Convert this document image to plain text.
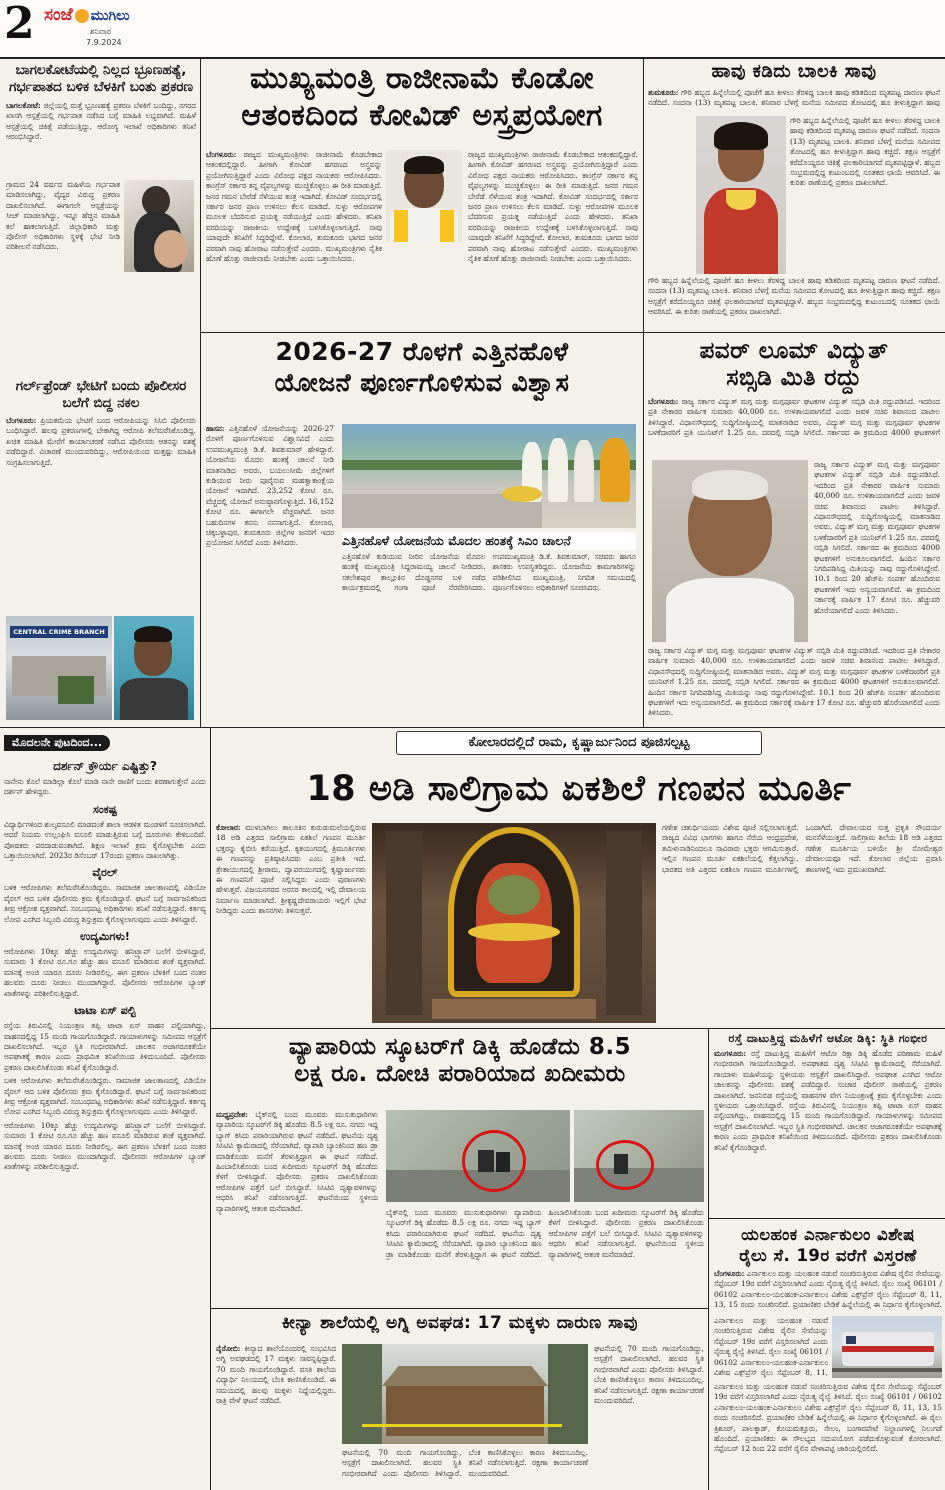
2 ಸಂಜೆ ಮುಗಿಲು
ಶನಿವಾರ
7.9.2024
ಬಾಗಲಕೋಟೆಯಲ್ಲಿ ನಿಲ್ಲದ ಭ್ರೂಣಹತ್ಯೆ, ಗರ್ಭಪಾತದ ಬಳಿಕ ಬೆಳಕಿಗೆ ಬಂತು ಪ್ರಕರಣ
ಬಾಗಲಕೋಟೆ: ಜಿಲ್ಲೆಯಲ್ಲಿ ಮತ್ತೆ ಭ್ರೂಣಹತ್ಯೆ ಪ್ರಕರಣ ಬೆಳಕಿಗೆ ಬಂದಿದ್ದು, ನಗರದ ಖಾಸಗಿ ಆಸ್ಪತ್ರೆಯಲ್ಲಿ ಗರ್ಭಪಾತ ನಡೆಸಿದ ಬಗ್ಗೆ ಮಾಹಿತಿ ಲಭ್ಯವಾಗಿದೆ. ಮಹಿಳೆ ಆಸ್ಪತ್ರೆಯಲ್ಲಿ ಚಿಕಿತ್ಸೆ ಪಡೆಯುತ್ತಿದ್ದು, ಆರೋಗ್ಯ ಇಲಾಖೆ ಅಧಿಕಾರಿಗಳು ತನಿಖೆ ಆರಂಭಿಸಿದ್ದಾರೆ.
ಗ್ರಾಮದ 24 ವರ್ಷದ ಮಹಿಳೆಯ ಗರ್ಭಪಾತ ಮಾಡಿಸಲಾಗಿದ್ದು, ವೈದ್ಯರ ವಿರುದ್ಧ ಪ್ರಕರಣ ದಾಖಲಿಸಲಾಗಿದೆ. ಈಗಾಗಲೇ ಆಸ್ಪತ್ರೆಯನ್ನು ಸೀಜ್ ಮಾಡಲಾಗಿದ್ದು, ಇನ್ನೂ ಹೆಚ್ಚಿನ ಮಾಹಿತಿ ಕಲೆ ಹಾಕಲಾಗುತ್ತಿದೆ. ಜಿಲ್ಲಾಧಿಕಾರಿ ಮತ್ತು ಪೊಲೀಸ್ ಅಧಿಕಾರಿಗಳು ಸ್ಥಳಕ್ಕೆ ಭೇಟಿ ನೀಡಿ ಪರಿಶೀಲನೆ ನಡೆಸಿದರು.
ಗರ್ಲ್‌ಫ್ರೆಂಡ್ ಭೇಟಿಗೆ ಬಂದು ಪೊಲೀಸರ ಬಲೆಗೆ ಬಿದ್ದ ನಕಲ
ಬೆಂಗಳೂರು: ಪ್ರಿಯತಮೆಯ ಭೇಟಿಗೆ ಬಂದ ಆರೋಪಿಯನ್ನು ಸಿಸಿಬಿ ಪೊಲೀಸರು ಬಂಧಿಸಿದ್ದಾರೆ. ಹಲವು ಪ್ರಕರಣಗಳಲ್ಲಿ ಬೇಕಾಗಿದ್ದ ಆರೋಪಿ ತಲೆಮರೆಸಿಕೊಂಡಿದ್ದ. ಖಚಿತ ಮಾಹಿತಿ ಮೇರೆಗೆ ಕಾರ್ಯಾಚರಣೆ ನಡೆಸಿದ ಪೊಲೀಸರು ಆತನನ್ನು ವಶಕ್ಕೆ ಪಡೆದಿದ್ದಾರೆ. ವಿಚಾರಣೆ ಮುಂದುವರಿದಿದ್ದು, ಆರೋಪಿಯಿಂದ ಮತ್ತಷ್ಟು ಮಾಹಿತಿ ಸಂಗ್ರಹಿಸಲಾಗುತ್ತಿದೆ.
CENTRAL CRIME BRANCH
ಮುಖ್ಯಮಂತ್ರಿ ರಾಜೀನಾಮೆ ಕೊಡೋ
ಆತಂಕದಿಂದ ಕೋವಿಡ್ ಅಸ್ತ್ರಪ್ರಯೋಗ
ಬೆಂಗಳೂರು: ರಾಜ್ಯದ ಮುಖ್ಯಮಂತ್ರಿಗಳು ರಾಜೀನಾಮೆ ಕೊಡಬೇಕಾದ ಆತಂಕದಲ್ಲಿದ್ದಾರೆ. ಹೀಗಾಗಿ ಕೋವಿಡ್ ಹಗರಣದ ಅಸ್ತ್ರವನ್ನು ಪ್ರಯೋಗಿಸುತ್ತಿದ್ದಾರೆ ಎಂದು ವಿರೋಧ ಪಕ್ಷದ ನಾಯಕರು ಆರೋಪಿಸಿದರು. ಕಾಂಗ್ರೆಸ್ ಸರ್ಕಾರ ತನ್ನ ವೈಫಲ್ಯಗಳನ್ನು ಮುಚ್ಚಿಕೊಳ್ಳಲು ಈ ರೀತಿ ಮಾಡುತ್ತಿದೆ. ಜನರ ಗಮನ ಬೇರೆಡೆ ಸೆಳೆಯುವ ತಂತ್ರ ಇದಾಗಿದೆ. ಕೋವಿಡ್ ಸಂದರ್ಭದಲ್ಲಿ ಸರ್ಕಾರ ಜನರ ಪ್ರಾಣ ಉಳಿಸಲು ಕೆಲಸ ಮಾಡಿದೆ. ಸುಳ್ಳು ಆರೋಪಗಳ ಮೂಲಕ ಬೆದರಿಸುವ ಪ್ರಯತ್ನ ನಡೆಯುತ್ತಿದೆ ಎಂದು ಹೇಳಿದರು. ತನಿಖಾ ವರದಿಯನ್ನು ರಾಜಕೀಯ ಉದ್ದೇಶಕ್ಕೆ ಬಳಸಿಕೊಳ್ಳಲಾಗುತ್ತಿದೆ. ನಾವು ಯಾವುದೇ ತನಿಖೆಗೆ ಸಿದ್ಧರಿದ್ದೇವೆ. ಕೋಲಾರ, ತುಮಕೂರು ಭಾಗದ ಜನರ ಪರವಾಗಿ ನಾವು ಹೋರಾಟ ನಡೆಸುತ್ತೇವೆ ಎಂದರು. ಮುಖ್ಯಮಂತ್ರಿಗಳು ನೈತಿಕ ಹೊಣೆ ಹೊತ್ತು ರಾಜೀನಾಮೆ ನೀಡಬೇಕು ಎಂದು ಒತ್ತಾಯಿಸಿದರು.
ರಾಜ್ಯದ ಮುಖ್ಯಮಂತ್ರಿಗಳು ರಾಜೀನಾಮೆ ಕೊಡಬೇಕಾದ ಆತಂಕದಲ್ಲಿದ್ದಾರೆ. ಹೀಗಾಗಿ ಕೋವಿಡ್ ಹಗರಣದ ಅಸ್ತ್ರವನ್ನು ಪ್ರಯೋಗಿಸುತ್ತಿದ್ದಾರೆ ಎಂದು ವಿರೋಧ ಪಕ್ಷದ ನಾಯಕರು ಆರೋಪಿಸಿದರು. ಕಾಂಗ್ರೆಸ್ ಸರ್ಕಾರ ತನ್ನ ವೈಫಲ್ಯಗಳನ್ನು ಮುಚ್ಚಿಕೊಳ್ಳಲು ಈ ರೀತಿ ಮಾಡುತ್ತಿದೆ. ಜನರ ಗಮನ ಬೇರೆಡೆ ಸೆಳೆಯುವ ತಂತ್ರ ಇದಾಗಿದೆ. ಕೋವಿಡ್ ಸಂದರ್ಭದಲ್ಲಿ ಸರ್ಕಾರ ಜನರ ಪ್ರಾಣ ಉಳಿಸಲು ಕೆಲಸ ಮಾಡಿದೆ. ಸುಳ್ಳು ಆರೋಪಗಳ ಮೂಲಕ ಬೆದರಿಸುವ ಪ್ರಯತ್ನ ನಡೆಯುತ್ತಿದೆ ಎಂದು ಹೇಳಿದರು. ತನಿಖಾ ವರದಿಯನ್ನು ರಾಜಕೀಯ ಉದ್ದೇಶಕ್ಕೆ ಬಳಸಿಕೊಳ್ಳಲಾಗುತ್ತಿದೆ. ನಾವು ಯಾವುದೇ ತನಿಖೆಗೆ ಸಿದ್ಧರಿದ್ದೇವೆ. ಕೋಲಾರ, ತುಮಕೂರು ಭಾಗದ ಜನರ ಪರವಾಗಿ ನಾವು ಹೋರಾಟ ನಡೆಸುತ್ತೇವೆ ಎಂದರು. ಮುಖ್ಯಮಂತ್ರಿಗಳು ನೈತಿಕ ಹೊಣೆ ಹೊತ್ತು ರಾಜೀನಾಮೆ ನೀಡಬೇಕು ಎಂದು ಒತ್ತಾಯಿಸಿದರು.
ಹಾವು ಕಡಿದು ಬಾಲಕಿ ಸಾವು
ತುಮಕೂರು: ಗೌರಿ ಹಬ್ಬದ ಹಿನ್ನೆಲೆಯಲ್ಲಿ ಪೂಜೆಗೆ ಹೂ ಕೀಳಲು ತೆರಳಿದ್ದ ಬಾಲಕಿ ಹಾವು ಕಡಿತದಿಂದ ಮೃತಪಟ್ಟ ದಾರುಣ ಘಟನೆ ನಡೆದಿದೆ. ಸಂದನಾ (13) ಮೃತಪಟ್ಟ ಬಾಲಕಿ. ಶನಿವಾರ ಬೆಳಗ್ಗೆ ಮನೆಯ ಸಮೀಪದ ತೋಟದಲ್ಲಿ ಹೂ ಕೀಳುತ್ತಿದ್ದಾಗ ಹಾವು
ಗೌರಿ ಹಬ್ಬದ ಹಿನ್ನೆಲೆಯಲ್ಲಿ ಪೂಜೆಗೆ ಹೂ ಕೀಳಲು ತೆರಳಿದ್ದ ಬಾಲಕಿ ಹಾವು ಕಡಿತದಿಂದ ಮೃತಪಟ್ಟ ದಾರುಣ ಘಟನೆ ನಡೆದಿದೆ. ಸಂದನಾ (13) ಮೃತಪಟ್ಟ ಬಾಲಕಿ. ಶನಿವಾರ ಬೆಳಗ್ಗೆ ಮನೆಯ ಸಮೀಪದ ತೋಟದಲ್ಲಿ ಹೂ ಕೀಳುತ್ತಿದ್ದಾಗ ಹಾವು ಕಚ್ಚಿದೆ. ತಕ್ಷಣ ಆಸ್ಪತ್ರೆಗೆ ಕರೆದೊಯ್ದರೂ ಚಿಕಿತ್ಸೆ ಫಲಕಾರಿಯಾಗದೆ ಮೃತಪಟ್ಟಿದ್ದಾಳೆ. ಹಬ್ಬದ ಸಂಭ್ರಮದಲ್ಲಿದ್ದ ಕುಟುಂಬದಲ್ಲಿ ಸೂತಕದ ಛಾಯೆ ಆವರಿಸಿದೆ. ಈ ಕುರಿತು ಠಾಣೆಯಲ್ಲಿ ಪ್ರಕರಣ ದಾಖಲಾಗಿದೆ.
ಗೌರಿ ಹಬ್ಬದ ಹಿನ್ನೆಲೆಯಲ್ಲಿ ಪೂಜೆಗೆ ಹೂ ಕೀಳಲು ತೆರಳಿದ್ದ ಬಾಲಕಿ ಹಾವು ಕಡಿತದಿಂದ ಮೃತಪಟ್ಟ ದಾರುಣ ಘಟನೆ ನಡೆದಿದೆ. ಸಂದನಾ (13) ಮೃತಪಟ್ಟ ಬಾಲಕಿ. ಶನಿವಾರ ಬೆಳಗ್ಗೆ ಮನೆಯ ಸಮೀಪದ ತೋಟದಲ್ಲಿ ಹೂ ಕೀಳುತ್ತಿದ್ದಾಗ ಹಾವು ಕಚ್ಚಿದೆ. ತಕ್ಷಣ ಆಸ್ಪತ್ರೆಗೆ ಕರೆದೊಯ್ದರೂ ಚಿಕಿತ್ಸೆ ಫಲಕಾರಿಯಾಗದೆ ಮೃತಪಟ್ಟಿದ್ದಾಳೆ. ಹಬ್ಬದ ಸಂಭ್ರಮದಲ್ಲಿದ್ದ ಕುಟುಂಬದಲ್ಲಿ ಸೂತಕದ ಛಾಯೆ ಆವರಿಸಿದೆ. ಈ ಕುರಿತು ಠಾಣೆಯಲ್ಲಿ ಪ್ರಕರಣ ದಾಖಲಾಗಿದೆ.
2026-27 ರೊಳಗೆ ಎತ್ತಿನಹೊಳೆ
ಯೋಜನೆ ಪೂರ್ಣಗೊಳಿಸುವ ವಿಶ್ವಾಸ
ಹಾಸನ: ಎತ್ತಿನಹೊಳೆ ಯೋಜನೆಯನ್ನು 2026-27 ರೊಳಗೆ ಪೂರ್ಣಗೊಳಿಸುವ ವಿಶ್ವಾಸವಿದೆ ಎಂದು ಉಪಮುಖ್ಯಮಂತ್ರಿ ಡಿ.ಕೆ. ಶಿವಕುಮಾರ್ ಹೇಳಿದ್ದಾರೆ. ಯೋಜನೆಯ ಮೊದಲ ಹಂತಕ್ಕೆ ಚಾಲನೆ ನೀಡಿ ಮಾತನಾಡಿದ ಅವರು, ಬಯಲುಸೀಮೆ ಜಿಲ್ಲೆಗಳಿಗೆ ಕುಡಿಯುವ ನೀರು ಪೂರೈಸುವ ಮಹತ್ವಾಕಾಂಕ್ಷೆಯ ಯೋಜನೆ ಇದಾಗಿದೆ. 23,252 ಕೋಟಿ ರೂ. ವೆಚ್ಚದಲ್ಲಿ ಯೋಜನೆ ಅನುಷ್ಠಾನಗೊಳ್ಳುತ್ತಿದೆ. 16,152 ಕೋಟಿ ರೂ. ಈಗಾಗಲೇ ವೆಚ್ಚವಾಗಿದೆ. ಜನರ ಬಹುದಿನಗಳ ಕನಸು ನನಸಾಗುತ್ತಿದೆ. ಕೋಲಾರ, ಚಿಕ್ಕಬಳ್ಳಾಪುರ, ತುಮಕೂರು ಜಿಲ್ಲೆಗಳ ಜನರಿಗೆ ಇದರ ಪ್ರಯೋಜನ ಸಿಗಲಿದೆ ಎಂದು ತಿಳಿಸಿದರು.	ಎತ್ತಿನಹೊಳೆ ಯೋಜನೆಯ ಮೊದಲ ಹಂತಕ್ಕೆ ಸಿಎಂ ಚಾಲನೆ
ಎತ್ತಿನಹೊಳೆ ಕುಡಿಯುವ ನೀರಿನ ಯೋಜನೆಯ ಮೊದಲ ಹಂತಕ್ಕೆ ಮುಖ್ಯಮಂತ್ರಿ ಸಿದ್ದರಾಮಯ್ಯ ಚಾಲನೆ ನೀಡಿದರು. ಸಕಲೇಶಪುರ ತಾಲ್ಲೂಕಿನ ದೊಡ್ಡನಗರ ಬಳಿ ನಡೆದ ಕಾರ್ಯಕ್ರಮದಲ್ಲಿ ಗಂಗಾ ಪೂಜೆ ನೆರವೇರಿಸಿದರು. ಉಪಮುಖ್ಯಮಂತ್ರಿ ಡಿ.ಕೆ. ಶಿವಕುಮಾರ್, ಸಚಿವರು ಹಾಗೂ ಶಾಸಕರು ಉಪಸ್ಥಿತರಿದ್ದರು. ಯೋಜನೆಯ ಕಾಮಗಾರಿಗಳನ್ನು ಪರಿಶೀಲಿಸಿದ ಮುಖ್ಯಮಂತ್ರಿ, ನಿಗದಿತ ಸಮಯದಲ್ಲಿ ಪೂರ್ಣಗೊಳಿಸಲು ಅಧಿಕಾರಿಗಳಿಗೆ ಸೂಚಿಸಿದರು.
ಪವರ್ ಲೂಮ್ ವಿದ್ಯುತ್
ಸಬ್ಸಿಡಿ ಮಿತಿ ರದ್ದು
ಬೆಂಗಳೂರು: ರಾಜ್ಯ ಸರ್ಕಾರ ವಿದ್ಯುತ್ ಮಗ್ಗ ಮತ್ತು ಮಗ್ಗಪೂರ್ವ ಘಟಕಗಳ ವಿದ್ಯುತ್ ಸಬ್ಸಿಡಿ ಮಿತಿ ರದ್ದುಪಡಿಸಿದೆ. ಇದರಿಂದ ಪ್ರತಿ ನೇಕಾರರ ವಾರ್ಷಿಕ ಸುಮಾರು 40,000 ರೂ. ಉಳಿತಾಯವಾಗಲಿದೆ ಎಂದು ಜವಳಿ ಸಚಿವ ಶಿವಾನಂದ ಪಾಟೀಲ ತಿಳಿಸಿದ್ದಾರೆ. ವಿಧಾನಸೌಧದಲ್ಲಿ ಸುದ್ದಿಗೋಷ್ಠಿಯಲ್ಲಿ ಮಾತನಾಡಿದ ಅವರು, ವಿದ್ಯುತ್ ಮಗ್ಗ ಮತ್ತು ಮಗ್ಗಪೂರ್ವ ಘಟಕಗಳ ಬಳಕೆದಾರರಿಗೆ ಪ್ರತಿ ಯುನಿಟ್‌ಗೆ 1.25 ರೂ. ದರದಲ್ಲಿ ಸಬ್ಸಿಡಿ ಸಿಗಲಿದೆ. ಸರ್ಕಾರದ ಈ ಕ್ರಮದಿಂದ 4000 ಘಟಕಗಳಿಗೆ
ರಾಜ್ಯ ಸರ್ಕಾರ ವಿದ್ಯುತ್ ಮಗ್ಗ ಮತ್ತು ಮಗ್ಗಪೂರ್ವ ಘಟಕಗಳ ವಿದ್ಯುತ್ ಸಬ್ಸಿಡಿ ಮಿತಿ ರದ್ದುಪಡಿಸಿದೆ. ಇದರಿಂದ ಪ್ರತಿ ನೇಕಾರರ ವಾರ್ಷಿಕ ಸುಮಾರು 40,000 ರೂ. ಉಳಿತಾಯವಾಗಲಿದೆ ಎಂದು ಜವಳಿ ಸಚಿವ ಶಿವಾನಂದ ಪಾಟೀಲ ತಿಳಿಸಿದ್ದಾರೆ. ವಿಧಾನಸೌಧದಲ್ಲಿ ಸುದ್ದಿಗೋಷ್ಠಿಯಲ್ಲಿ ಮಾತನಾಡಿದ ಅವರು, ವಿದ್ಯುತ್ ಮಗ್ಗ ಮತ್ತು ಮಗ್ಗಪೂರ್ವ ಘಟಕಗಳ ಬಳಕೆದಾರರಿಗೆ ಪ್ರತಿ ಯುನಿಟ್‌ಗೆ 1.25 ರೂ. ದರದಲ್ಲಿ ಸಬ್ಸಿಡಿ ಸಿಗಲಿದೆ. ಸರ್ಕಾರದ ಈ ಕ್ರಮದಿಂದ 4000 ಘಟಕಗಳಿಗೆ ಅನುಕೂಲವಾಗಲಿದೆ. ಹಿಂದಿನ ಸರ್ಕಾರ ನಿಗದಿಪಡಿಸಿದ್ದ ಮಿತಿಯನ್ನು ನಾವು ರದ್ದುಗೊಳಿಸಿದ್ದೇವೆ. 10.1 ರಿಂದ 20 ಹೆಚ್‌ಪಿ ಸಂಪರ್ಕ ಹೊಂದಿರುವ ಘಟಕಗಳಿಗೆ ಇದು ಅನ್ವಯವಾಗಲಿದೆ. ಈ ಕ್ರಮದಿಂದ ಸರ್ಕಾರಕ್ಕೆ ವಾರ್ಷಿಕ 17 ಕೋಟಿ ರೂ. ಹೆಚ್ಚುವರಿ ಹೊರೆಯಾಗಲಿದೆ ಎಂದು ತಿಳಿಸಿದರು.
ರಾಜ್ಯ ಸರ್ಕಾರ ವಿದ್ಯುತ್ ಮಗ್ಗ ಮತ್ತು ಮಗ್ಗಪೂರ್ವ ಘಟಕಗಳ ವಿದ್ಯುತ್ ಸಬ್ಸಿಡಿ ಮಿತಿ ರದ್ದುಪಡಿಸಿದೆ. ಇದರಿಂದ ಪ್ರತಿ ನೇಕಾರರ ವಾರ್ಷಿಕ ಸುಮಾರು 40,000 ರೂ. ಉಳಿತಾಯವಾಗಲಿದೆ ಎಂದು ಜವಳಿ ಸಚಿವ ಶಿವಾನಂದ ಪಾಟೀಲ ತಿಳಿಸಿದ್ದಾರೆ. ವಿಧಾನಸೌಧದಲ್ಲಿ ಸುದ್ದಿಗೋಷ್ಠಿಯಲ್ಲಿ ಮಾತನಾಡಿದ ಅವರು, ವಿದ್ಯುತ್ ಮಗ್ಗ ಮತ್ತು ಮಗ್ಗಪೂರ್ವ ಘಟಕಗಳ ಬಳಕೆದಾರರಿಗೆ ಪ್ರತಿ ಯುನಿಟ್‌ಗೆ 1.25 ರೂ. ದರದಲ್ಲಿ ಸಬ್ಸಿಡಿ ಸಿಗಲಿದೆ. ಸರ್ಕಾರದ ಈ ಕ್ರಮದಿಂದ 4000 ಘಟಕಗಳಿಗೆ ಅನುಕೂಲವಾಗಲಿದೆ. ಹಿಂದಿನ ಸರ್ಕಾರ ನಿಗದಿಪಡಿಸಿದ್ದ ಮಿತಿಯನ್ನು ನಾವು ರದ್ದುಗೊಳಿಸಿದ್ದೇವೆ. 10.1 ರಿಂದ 20 ಹೆಚ್‌ಪಿ ಸಂಪರ್ಕ ಹೊಂದಿರುವ ಘಟಕಗಳಿಗೆ ಇದು ಅನ್ವಯವಾಗಲಿದೆ. ಈ ಕ್ರಮದಿಂದ ಸರ್ಕಾರಕ್ಕೆ ವಾರ್ಷಿಕ 17 ಕೋಟಿ ರೂ. ಹೆಚ್ಚುವರಿ ಹೊರೆಯಾಗಲಿದೆ ಎಂದು ತಿಳಿಸಿದರು.
ಮೊದಲನೇ ಪುಟದಿಂದ...
ದರ್ಶನ್ ಕ್ರೌರ್ಯ ಎಷ್ಟಿತ್ತು?
ನಾನೇನು ಕೊಲೆ ಮಾಡಿಲ್ಲಾ ಕೊಲೆ ಮಾಡಿ ನಾನೇ ರಾಣಿಗೆ ಬಂದು ಶರಣಾಗುತ್ತೇನೆ ಎಂದು ದರ್ಶನ್ ಹೇಳಿದ್ದರು.
ಸಂಕಷ್ಟ
ವಿದ್ಯಾರ್ಥಿಗಳಿಂದ ಶುಲ್ಕವಸೂಲಿ ಮಾಡದಂತೆ ಶಾಲಾ ಆಡಳಿತ ಮಂಡಳಿಗೆ ಸೂಚಿಸಲಾಗಿದೆ. ಆದರೆ ನಿಯಮ ಉಲ್ಲಂಘಿಸಿ ವಸೂಲಿ ಮಾಡುತ್ತಿರುವ ಬಗ್ಗೆ ದೂರುಗಳು ಕೇಳಿಬಂದಿವೆ. ಪೋಷಕರು ಪರದಾಡುವಂತಾಗಿದೆ. ಶಿಕ್ಷಣ ಇಲಾಖೆ ಕ್ರಮ ಕೈಗೊಳ್ಳಬೇಕು ಎಂದು ಒತ್ತಾಯಿಸಲಾಗಿದೆ. 2023ರ ಡಿಸೆಂಬರ್ 17ರಂದು ಪ್ರಕರಣ ದಾಖಲಾಗಿತ್ತು.
ವೈರಲ್
ಬಳಿಕ ಆರೋಪಿಗಳು ತಲೆಮರೆಸಿಕೊಂಡಿದ್ದರು. ಸಾಮಾಜಿಕ ಜಾಲತಾಣದಲ್ಲಿ ವಿಡಿಯೋ ವೈರಲ್ ಆದ ಬಳಿಕ ಪೊಲೀಸರು ಕ್ರಮ ಕೈಗೊಂಡಿದ್ದಾರೆ. ಘಟನೆ ಬಗ್ಗೆ ಸಾರ್ವಜನಿಕರಿಂದ ತೀವ್ರ ಆಕ್ರೋಶ ವ್ಯಕ್ತವಾಗಿದೆ. ಸಂಬಂಧಪಟ್ಟ ಅಧಿಕಾರಿಗಳು ತನಿಖೆ ನಡೆಸುತ್ತಿದ್ದಾರೆ. ಕರ್ತವ್ಯ ಲೋಪ ಎಸಗಿದ ಸಿಬ್ಬಂದಿ ವಿರುದ್ಧ ಶಿಸ್ತುಕ್ರಮ ಕೈಗೊಳ್ಳಲಾಗುವುದು ಎಂದು ತಿಳಿಸಿದ್ದಾರೆ.
ಉದ್ಯಮಿಗಳು!
ಆರೋಪಿಗಳು 10ಕ್ಕೂ ಹೆಚ್ಚು ಉದ್ಯಮಿಗಳನ್ನು ಹನಿಟ್ರ್ಯಾಪ್ ಬಲೆಗೆ ಬೀಳಿಸಿದ್ದಾರೆ. ಸುಮಾರು 1 ಕೋಟಿ ರೂ.ಗೂ ಹೆಚ್ಚು ಹಣ ವಸೂಲಿ ಮಾಡಿರುವ ಶಂಕೆ ವ್ಯಕ್ತವಾಗಿದೆ. ಮಾನಕ್ಕೆ ಅಂಜಿ ಯಾರೂ ದೂರು ನೀಡಿರಲಿಲ್ಲ. ಈಗ ಪ್ರಕರಣ ಬೆಳಕಿಗೆ ಬಂದ ನಂತರ ಹಲವರು ದೂರು ನೀಡಲು ಮುಂದಾಗಿದ್ದಾರೆ. ಪೊಲೀಸರು ಆರೋಪಿಗಳ ಬ್ಯಾಂಕ್ ಖಾತೆಗಳನ್ನು ಪರಿಶೀಲಿಸುತ್ತಿದ್ದಾರೆ.
ಟಾಟಾ ಏಸ್ ಪಲ್ಟಿ
ರಸ್ತೆಯ ತಿರುವಿನಲ್ಲಿ ನಿಯಂತ್ರಣ ತಪ್ಪಿ ಟಾಟಾ ಏಸ್ ವಾಹನ ಪಲ್ಟಿಯಾಗಿದ್ದು, ವಾಹನದಲ್ಲಿದ್ದ 15 ಮಂದಿ ಗಾಯಗೊಂಡಿದ್ದಾರೆ. ಗಾಯಾಳುಗಳನ್ನು ಸಮೀಪದ ಆಸ್ಪತ್ರೆಗೆ ದಾಖಲಿಸಲಾಗಿದೆ. ಇಬ್ಬರ ಸ್ಥಿತಿ ಗಂಭೀರವಾಗಿದೆ. ಚಾಲಕನ ಅಜಾಗರೂಕತೆಯೇ ಅಪಘಾತಕ್ಕೆ ಕಾರಣ ಎಂದು ಪ್ರಾಥಮಿಕ ತನಿಖೆಯಿಂದ ತಿಳಿದುಬಂದಿದೆ. ಪೊಲೀಸರು ಪ್ರಕರಣ ದಾಖಲಿಸಿಕೊಂಡು ತನಿಖೆ ಕೈಗೊಂಡಿದ್ದಾರೆ.
ಬಳಿಕ ಆರೋಪಿಗಳು ತಲೆಮರೆಸಿಕೊಂಡಿದ್ದರು. ಸಾಮಾಜಿಕ ಜಾಲತಾಣದಲ್ಲಿ ವಿಡಿಯೋ ವೈರಲ್ ಆದ ಬಳಿಕ ಪೊಲೀಸರು ಕ್ರಮ ಕೈಗೊಂಡಿದ್ದಾರೆ. ಘಟನೆ ಬಗ್ಗೆ ಸಾರ್ವಜನಿಕರಿಂದ ತೀವ್ರ ಆಕ್ರೋಶ ವ್ಯಕ್ತವಾಗಿದೆ. ಸಂಬಂಧಪಟ್ಟ ಅಧಿಕಾರಿಗಳು ತನಿಖೆ ನಡೆಸುತ್ತಿದ್ದಾರೆ. ಕರ್ತವ್ಯ ಲೋಪ ಎಸಗಿದ ಸಿಬ್ಬಂದಿ ವಿರುದ್ಧ ಶಿಸ್ತುಕ್ರಮ ಕೈಗೊಳ್ಳಲಾಗುವುದು ಎಂದು ತಿಳಿಸಿದ್ದಾರೆ.
ಆರೋಪಿಗಳು 10ಕ್ಕೂ ಹೆಚ್ಚು ಉದ್ಯಮಿಗಳನ್ನು ಹನಿಟ್ರ್ಯಾಪ್ ಬಲೆಗೆ ಬೀಳಿಸಿದ್ದಾರೆ. ಸುಮಾರು 1 ಕೋಟಿ ರೂ.ಗೂ ಹೆಚ್ಚು ಹಣ ವಸೂಲಿ ಮಾಡಿರುವ ಶಂಕೆ ವ್ಯಕ್ತವಾಗಿದೆ. ಮಾನಕ್ಕೆ ಅಂಜಿ ಯಾರೂ ದೂರು ನೀಡಿರಲಿಲ್ಲ. ಈಗ ಪ್ರಕರಣ ಬೆಳಕಿಗೆ ಬಂದ ನಂತರ ಹಲವರು ದೂರು ನೀಡಲು ಮುಂದಾಗಿದ್ದಾರೆ. ಪೊಲೀಸರು ಆರೋಪಿಗಳ ಬ್ಯಾಂಕ್ ಖಾತೆಗಳನ್ನು ಪರಿಶೀಲಿಸುತ್ತಿದ್ದಾರೆ.
ಕೋಲಾರದಲ್ಲಿದೆ ರಾಮ, ಕೃಷ್ಣಾರ್ಜುನಿಂದ ಪೂಜಿಸಲ್ಪಟ್ಟ
18 ಅಡಿ ಸಾಲಿಗ್ರಾಮ ಏಕಶಿಲೆ ಗಣಪನ ಮೂರ್ತಿ
ಕೋಲಾರ: ಮುಳಬಾಗಿಲು ತಾಲೂಕಿನ ಕುರುಡುಮಲೆಯಲ್ಲಿರುವ 18 ಅಡಿ ಎತ್ತರದ ಸಾಲಿಗ್ರಾಮ ಏಕಶಿಲೆ ಗಣಪನ ಮೂರ್ತಿ ಭಕ್ತರನ್ನು ಕೈಬೀಸಿ ಕರೆಯುತ್ತಿದೆ. ಕೃತಯುಗದಲ್ಲಿ ತ್ರಿಮೂರ್ತಿಗಳು ಈ ಗಣಪನನ್ನು ಪ್ರತಿಷ್ಠಾಪಿಸಿದರು ಎಂಬ ಪ್ರತೀತಿ ಇದೆ. ತ್ರೇತಾಯುಗದಲ್ಲಿ ಶ್ರೀರಾಮ, ದ್ವಾಪರಯುಗದಲ್ಲಿ ಕೃಷ್ಣಾರ್ಜುನರು ಈ ಗಣಪನಿಗೆ ಪೂಜೆ ಸಲ್ಲಿಸಿದ್ದರು ಎಂದು ಪುರಾಣಗಳು ಹೇಳುತ್ತವೆ. ವಿಜಯನಗರದ ಅರಸರ ಕಾಲದಲ್ಲಿ ಇಲ್ಲಿ ದೇವಾಲಯ ನಿರ್ಮಾಣ ಮಾಡಲಾಗಿದೆ. ಶ್ರೀಕೃಷ್ಣದೇವರಾಯರು ಇಲ್ಲಿಗೆ ಭೇಟಿ ನೀಡಿದ್ದರು ಎಂದು ಶಾಸನಗಳು ತಿಳಿಸುತ್ತವೆ.
ಗಣೇಶ ಚತುರ್ಥಿಯಂದು ವಿಶೇಷ ಪೂಜೆ ಸಲ್ಲಿಸಲಾಗುತ್ತದೆ. ರಾಜ್ಯದ ವಿವಿಧ ಭಾಗಗಳು ಹಾಗೂ ನೆರೆಯ ಆಂಧ್ರಪ್ರದೇಶ, ತಮಿಳುನಾಡಿನಿಂದಲೂ ಸಾವಿರಾರು ಭಕ್ತರು ಆಗಮಿಸುತ್ತಾರೆ. ಇಲ್ಲಿನ ಗಣಪನ ಮೂರ್ತಿ ಏಕಶಿಲೆಯಲ್ಲಿ ಕೆತ್ತಲಾಗಿದ್ದು, ಭಾರತದ ಅತಿ ಎತ್ತರದ ಏಕಶಿಲಾ ಗಣಪನ ಮೂರ್ತಿಗಳಲ್ಲಿ ಒಂದಾಗಿದೆ. ದೇವಾಲಯದ ಸುತ್ತ ಪ್ರಕೃತಿ ಸೌಂದರ್ಯ ಮನಸೆಳೆಯುತ್ತದೆ. ಸಾಲಿಗ್ರಾಮ ಶಿಲೆಯ 18 ಅಡಿ ಎತ್ತರದ ಗಣೇಶ ಮೂರ್ತಿಯ ಬಳಿಯೇ ಶ್ರೀ ಸೋಮೇಶ್ವರ ದೇವಾಲಯವೂ ಇದೆ. ಕೋಲಾರ ಜಿಲ್ಲೆಯ ಪ್ರವಾಸಿ ತಾಣಗಳಲ್ಲಿ ಇದು ಪ್ರಮುಖವಾಗಿದೆ.
ವ್ಯಾಪಾರಿಯ ಸ್ಕೂಟರ್‌ಗೆ ಡಿಕ್ಕಿ ಹೊಡೆದು 8.5
ಲಕ್ಷ ರೂ. ದೋಚಿ ಪರಾರಿಯಾದ ಖದೀಮರು
ಮಧ್ಯಪ್ರದೇಶ: ಬೈಕ್‌ನಲ್ಲಿ ಬಂದ ಮೂವರು ಮುಸುಕುಧಾರಿಗಳು ವ್ಯಾಪಾರಿಯ ಸ್ಕೂಟರ್‌ಗೆ ಡಿಕ್ಕಿ ಹೊಡೆದು 8.5 ಲಕ್ಷ ರೂ. ನಗದು ಇದ್ದ ಬ್ಯಾಗ್ ಕಸಿದು ಪರಾರಿಯಾಗಿರುವ ಘಟನೆ ನಡೆದಿದೆ. ಘಟನೆಯ ದೃಶ್ಯ ಸಿಸಿಟಿವಿ ಕ್ಯಾಮೆರಾದಲ್ಲಿ ಸೆರೆಯಾಗಿದೆ. ವ್ಯಾಪಾರಿ ಬ್ಯಾಂಕಿನಿಂದ ಹಣ ಡ್ರಾ ಮಾಡಿಕೊಂಡು ಮನೆಗೆ ತೆರಳುತ್ತಿದ್ದಾಗ ಈ ಘಟನೆ ನಡೆದಿದೆ. ಹಿಂಬಾಲಿಸಿಕೊಂಡು ಬಂದ ಖದೀಮರು ಸ್ಕೂಟರ್‌ಗೆ ಡಿಕ್ಕಿ ಹೊಡೆದು ಕೆಳಗೆ ಬೀಳಿಸಿದ್ದಾರೆ. ಪೊಲೀಸರು ಪ್ರಕರಣ ದಾಖಲಿಸಿಕೊಂಡು ಆರೋಪಿಗಳ ಪತ್ತೆಗೆ ಬಲೆ ಬೀಸಿದ್ದಾರೆ. ಸಿಸಿಟಿವಿ ದೃಶ್ಯಾವಳಿಗಳನ್ನು ಆಧರಿಸಿ ತನಿಖೆ ನಡೆಸಲಾಗುತ್ತಿದೆ. ಘಟನೆಯಿಂದ ಸ್ಥಳೀಯ ವ್ಯಾಪಾರಿಗಳಲ್ಲಿ ಆತಂಕ ಮನೆಮಾಡಿದೆ.	ಬೈಕ್‌ನಲ್ಲಿ ಬಂದ ಮೂವರು ಮುಸುಕುಧಾರಿಗಳು ವ್ಯಾಪಾರಿಯ ಸ್ಕೂಟರ್‌ಗೆ ಡಿಕ್ಕಿ ಹೊಡೆದು 8.5 ಲಕ್ಷ ರೂ. ನಗದು ಇದ್ದ ಬ್ಯಾಗ್ ಕಸಿದು ಪರಾರಿಯಾಗಿರುವ ಘಟನೆ ನಡೆದಿದೆ. ಘಟನೆಯ ದೃಶ್ಯ ಸಿಸಿಟಿವಿ ಕ್ಯಾಮೆರಾದಲ್ಲಿ ಸೆರೆಯಾಗಿದೆ. ವ್ಯಾಪಾರಿ ಬ್ಯಾಂಕಿನಿಂದ ಹಣ ಡ್ರಾ ಮಾಡಿಕೊಂಡು ಮನೆಗೆ ತೆರಳುತ್ತಿದ್ದಾಗ ಈ ಘಟನೆ ನಡೆದಿದೆ. ಹಿಂಬಾಲಿಸಿಕೊಂಡು ಬಂದ ಖದೀಮರು ಸ್ಕೂಟರ್‌ಗೆ ಡಿಕ್ಕಿ ಹೊಡೆದು ಕೆಳಗೆ ಬೀಳಿಸಿದ್ದಾರೆ. ಪೊಲೀಸರು ಪ್ರಕರಣ ದಾಖಲಿಸಿಕೊಂಡು ಆರೋಪಿಗಳ ಪತ್ತೆಗೆ ಬಲೆ ಬೀಸಿದ್ದಾರೆ. ಸಿಸಿಟಿವಿ ದೃಶ್ಯಾವಳಿಗಳನ್ನು ಆಧರಿಸಿ ತನಿಖೆ ನಡೆಸಲಾಗುತ್ತಿದೆ. ಘಟನೆಯಿಂದ ಸ್ಥಳೀಯ ವ್ಯಾಪಾರಿಗಳಲ್ಲಿ ಆತಂಕ ಮನೆಮಾಡಿದೆ.
ಕೀನ್ಯಾ ಶಾಲೆಯಲ್ಲಿ ಅಗ್ನಿ ಅವಘಡ: 17 ಮಕ್ಕಳು ದಾರುಣ ಸಾವು
ನೈರೋಬಿ: ಕೀನ್ಯಾದ ಶಾಲೆಯೊಂದರಲ್ಲಿ ಸಂಭವಿಸಿದ ಅಗ್ನಿ ಅವಘಡದಲ್ಲಿ 17 ಮಕ್ಕಳು ಸಾವನ್ನಪ್ಪಿದ್ದಾರೆ. 70 ಮಂದಿ ಗಾಯಗೊಂಡಿದ್ದಾರೆ. ವಸತಿ ಶಾಲೆಯ ವಿದ್ಯಾರ್ಥಿ ನಿಲಯದಲ್ಲಿ ಬೆಂಕಿ ಕಾಣಿಸಿಕೊಂಡಿದೆ. ಈ ಸಮಯದಲ್ಲಿ ಹಲವು ಮಕ್ಕಳು ನಿದ್ದೆಯಲ್ಲಿದ್ದರು. ರಾತ್ರಿ ವೇಳೆ ಘಟನೆ ನಡೆದಿದೆ.
ಘಟನೆಯಲ್ಲಿ 70 ಮಂದಿ ಗಾಯಗೊಂಡಿದ್ದು, ಆಸ್ಪತ್ರೆಗೆ ದಾಖಲಿಸಲಾಗಿದೆ. ಹಲವರ ಸ್ಥಿತಿ ಗಂಭೀರವಾಗಿದೆ ಎಂದು ಪೊಲೀಸರು ತಿಳಿಸಿದ್ದಾರೆ. ಬೆಂಕಿ ಕಾಣಿಸಿಕೊಳ್ಳಲು ಕಾರಣ ತಿಳಿದುಬಂದಿಲ್ಲ. ತನಿಖೆ ನಡೆಸಲಾಗುತ್ತಿದೆ. ರಕ್ಷಣಾ ಕಾರ್ಯಾಚರಣೆ ಮುಂದುವರಿದಿದೆ.
ಘಟನೆಯಲ್ಲಿ 70 ಮಂದಿ ಗಾಯಗೊಂಡಿದ್ದು, ಆಸ್ಪತ್ರೆಗೆ ದಾಖಲಿಸಲಾಗಿದೆ. ಹಲವರ ಸ್ಥಿತಿ ಗಂಭೀರವಾಗಿದೆ ಎಂದು ಪೊಲೀಸರು ತಿಳಿಸಿದ್ದಾರೆ. ಬೆಂಕಿ ಕಾಣಿಸಿಕೊಳ್ಳಲು ಕಾರಣ ತಿಳಿದುಬಂದಿಲ್ಲ. ತನಿಖೆ ನಡೆಸಲಾಗುತ್ತಿದೆ. ರಕ್ಷಣಾ ಕಾರ್ಯಾಚರಣೆ ಮುಂದುವರಿದಿದೆ.
ರಸ್ತೆ ದಾಟುತ್ತಿದ್ದ ಮಹಿಳೆಗೆ ಆಟೋ ಡಿಕ್ಕಿ: ಸ್ಥಿತಿ ಗಂಭೀರ
ಮಂಗಳೂರು: ರಸ್ತೆ ದಾಟುತ್ತಿದ್ದ ಮಹಿಳೆಗೆ ಆಟೋ ರಿಕ್ಷಾ ಡಿಕ್ಕಿ ಹೊಡೆದ ಪರಿಣಾಮ ಮಹಿಳೆ ಗಂಭೀರವಾಗಿ ಗಾಯಗೊಂಡಿದ್ದಾರೆ. ಅಪಘಾತದ ದೃಶ್ಯ ಸಿಸಿಟಿವಿ ಕ್ಯಾಮೆರಾದಲ್ಲಿ ಸೆರೆಯಾಗಿದೆ. ಗಾಯಾಳು ಮಹಿಳೆಯನ್ನು ಸ್ಥಳೀಯರು ಆಸ್ಪತ್ರೆಗೆ ದಾಖಲಿಸಿದ್ದಾರೆ. ಅಪಘಾತ ಎಸಗಿದ ಆಟೋ ಚಾಲಕನನ್ನು ಪೊಲೀಸರು ವಶಕ್ಕೆ ಪಡೆದಿದ್ದಾರೆ. ಸಂಚಾರ ಪೊಲೀಸ್ ಠಾಣೆಯಲ್ಲಿ ಪ್ರಕರಣ ದಾಖಲಾಗಿದೆ. ಜನನಿಬಿಡ ರಸ್ತೆಯಲ್ಲಿ ವಾಹನಗಳ ವೇಗ ನಿಯಂತ್ರಣಕ್ಕೆ ಕ್ರಮ ಕೈಗೊಳ್ಳಬೇಕು ಎಂದು ಸ್ಥಳೀಯರು ಒತ್ತಾಯಿಸಿದ್ದಾರೆ. ರಸ್ತೆಯ ತಿರುವಿನಲ್ಲಿ ನಿಯಂತ್ರಣ ತಪ್ಪಿ ಟಾಟಾ ಏಸ್ ವಾಹನ ಪಲ್ಟಿಯಾಗಿದ್ದು, ವಾಹನದಲ್ಲಿದ್ದ 15 ಮಂದಿ ಗಾಯಗೊಂಡಿದ್ದಾರೆ. ಗಾಯಾಳುಗಳನ್ನು ಸಮೀಪದ ಆಸ್ಪತ್ರೆಗೆ ದಾಖಲಿಸಲಾಗಿದೆ. ಇಬ್ಬರ ಸ್ಥಿತಿ ಗಂಭೀರವಾಗಿದೆ. ಚಾಲಕನ ಅಜಾಗರೂಕತೆಯೇ ಅಪಘಾತಕ್ಕೆ ಕಾರಣ ಎಂದು ಪ್ರಾಥಮಿಕ ತನಿಖೆಯಿಂದ ತಿಳಿದುಬಂದಿದೆ. ಪೊಲೀಸರು ಪ್ರಕರಣ ದಾಖಲಿಸಿಕೊಂಡು ತನಿಖೆ ಕೈಗೊಂಡಿದ್ದಾರೆ.
ಯಲಹಂಕ ಎರ್ನಾಕುಲಂ ವಿಶೇಷ
ರೈಲು ಸೆ. 19ರ ವರೆಗೆ ವಿಸ್ತರಣೆ
ಬೆಂಗಳೂರು: ಎರ್ನಾಕುಲಂ ಮತ್ತು ಯಲಹಂಕ ನಡುವೆ ಸಂಚರಿಸುತ್ತಿರುವ ವಿಶೇಷ ರೈಲಿನ ಸೇವೆಯನ್ನು ಸೆಪ್ಟೆಂಬರ್ 19ರ ವರೆಗೆ ವಿಸ್ತರಿಸಲಾಗಿದೆ ಎಂದು ನೈರುತ್ಯ ರೈಲ್ವೆ ತಿಳಿಸಿದೆ. ರೈಲು ಸಂಖ್ಯೆ 06101 / 06102 ಎರ್ನಾಕುಲಂ-ಯಲಹಂಕ-ಎರ್ನಾಕುಲಂ ವಿಶೇಷ ಎಕ್ಸ್‌ಪ್ರೆಸ್ ರೈಲು ಸೆಪ್ಟೆಂಬರ್ 8, 11, 13, 15 ರಂದು ಸಂಚರಿಸಲಿದೆ. ಪ್ರಯಾಣಿಕರ ಬೇಡಿಕೆ ಹಿನ್ನೆಲೆಯಲ್ಲಿ ಈ ನಿರ್ಧಾರ ಕೈಗೊಳ್ಳಲಾಗಿದೆ.
ಎರ್ನಾಕುಲಂ ಮತ್ತು ಯಲಹಂಕ ನಡುವೆ ಸಂಚರಿಸುತ್ತಿರುವ ವಿಶೇಷ ರೈಲಿನ ಸೇವೆಯನ್ನು ಸೆಪ್ಟೆಂಬರ್ 19ರ ವರೆಗೆ ವಿಸ್ತರಿಸಲಾಗಿದೆ ಎಂದು ನೈರುತ್ಯ ರೈಲ್ವೆ ತಿಳಿಸಿದೆ. ರೈಲು ಸಂಖ್ಯೆ 06101 / 06102 ಎರ್ನಾಕುಲಂ-ಯಲಹಂಕ-ಎರ್ನಾಕುಲಂ ವಿಶೇಷ ಎಕ್ಸ್‌ಪ್ರೆಸ್ ರೈಲು ಸೆಪ್ಟೆಂಬರ್ 8, 11,
ಎರ್ನಾಕುಲಂ ಮತ್ತು ಯಲಹಂಕ ನಡುವೆ ಸಂಚರಿಸುತ್ತಿರುವ ವಿಶೇಷ ರೈಲಿನ ಸೇವೆಯನ್ನು ಸೆಪ್ಟೆಂಬರ್ 19ರ ವರೆಗೆ ವಿಸ್ತರಿಸಲಾಗಿದೆ ಎಂದು ನೈರುತ್ಯ ರೈಲ್ವೆ ತಿಳಿಸಿದೆ. ರೈಲು ಸಂಖ್ಯೆ 06101 / 06102 ಎರ್ನಾಕುಲಂ-ಯಲಹಂಕ-ಎರ್ನಾಕುಲಂ ವಿಶೇಷ ಎಕ್ಸ್‌ಪ್ರೆಸ್ ರೈಲು ಸೆಪ್ಟೆಂಬರ್ 8, 11, 13, 15 ರಂದು ಸಂಚರಿಸಲಿದೆ. ಪ್ರಯಾಣಿಕರ ಬೇಡಿಕೆ ಹಿನ್ನೆಲೆಯಲ್ಲಿ ಈ ನಿರ್ಧಾರ ಕೈಗೊಳ್ಳಲಾಗಿದೆ. ಈ ರೈಲು ತ್ರಿಶೂರ್, ಪಾಲಕ್ಕಾಡ್, ಕೊಯಮತ್ತೂರು, ಸೇಲಂ, ಬಂಗಾರಪೇಟೆ ನಿಲ್ದಾಣಗಳಲ್ಲಿ ನಿಲುಗಡೆ ಹೊಂದಿದೆ. ಪ್ರಯಾಣಿಕರು ಈ ಸೌಲಭ್ಯದ ಸದುಪಯೋಗ ಪಡೆದುಕೊಳ್ಳುವಂತೆ ಕೋರಲಾಗಿದೆ. ಸೆಪ್ಟೆಂಬರ್ 12 ರಿಂದ 22 ವರೆಗೆ ರೈಲಿನ ವೇಳಾಪಟ್ಟಿ ಜಾರಿಯಲ್ಲಿರಲಿದೆ.
